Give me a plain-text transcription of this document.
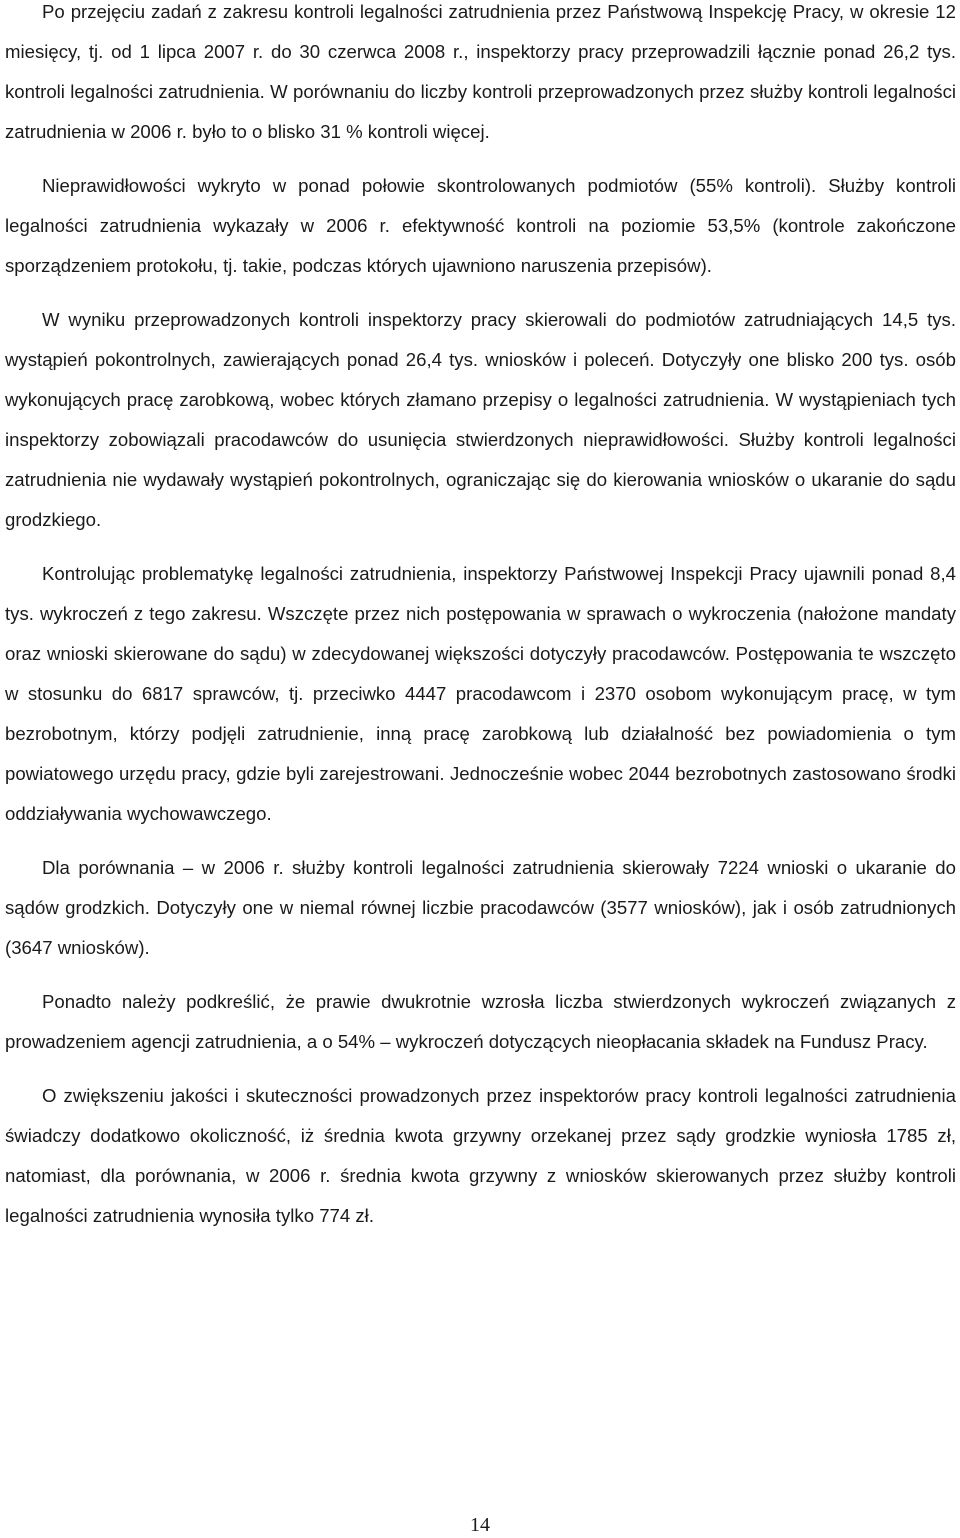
Po przejęciu zadań z zakresu kontroli legalności zatrudnienia przez Państwową Inspekcję Pracy, w okresie 12 miesięcy, tj. od 1 lipca 2007 r. do 30 czerwca 2008 r., inspektorzy pracy przeprowadzili łącznie ponad 26,2 tys. kontroli legalności zatrudnienia. W porównaniu do liczby kontroli przeprowadzonych przez służby kontroli legalności zatrudnienia w 2006 r. było to o blisko 31 % kontroli więcej.

Nieprawidłowości wykryto w ponad połowie skontrolowanych podmiotów (55% kontroli). Służby kontroli legalności zatrudnienia wykazały w 2006 r. efektywność kontroli na poziomie 53,5% (kontrole zakończone sporządzeniem protokołu, tj. takie, podczas których ujawniono naruszenia przepisów).

W wyniku przeprowadzonych kontroli inspektorzy pracy skierowali do podmiotów zatrudniających 14,5 tys. wystąpień pokontrolnych, zawierających ponad 26,4 tys. wniosków i poleceń. Dotyczyły one blisko 200 tys. osób wykonujących pracę zarobkową, wobec których złamano przepisy o legalności zatrudnienia. W wystąpieniach tych inspektorzy zobowiązali pracodawców do usunięcia stwierdzonych nieprawidłowości. Służby kontroli legalności zatrudnienia nie wydawały wystąpień pokontrolnych, ograniczając się do kierowania wniosków o ukaranie do sądu grodzkiego.

Kontrolując problematykę legalności zatrudnienia, inspektorzy Państwowej Inspekcji Pracy ujawnili ponad 8,4 tys. wykroczeń z tego zakresu. Wszczęte przez nich postępowania w sprawach o wykroczenia (nałożone mandaty oraz wnioski skierowane do sądu) w zdecydowanej większości dotyczyły pracodawców. Postępowania te wszczęto w stosunku do 6817 sprawców, tj. przeciwko 4447 pracodawcom i 2370 osobom wykonującym pracę, w tym bezrobotnym, którzy podjęli zatrudnienie, inną pracę zarobkową lub działalność bez powiadomienia o tym powiatowego urzędu pracy, gdzie byli zarejestrowani. Jednocześnie wobec 2044 bezrobotnych zastosowano środki oddziaływania wychowawczego.

Dla porównania – w 2006 r. służby kontroli legalności zatrudnienia skierowały 7224 wnioski o ukaranie do sądów grodzkich. Dotyczyły one w niemal równej liczbie pracodawców (3577 wniosków), jak i osób zatrudnionych (3647 wniosków).

Ponadto należy podkreślić, że prawie dwukrotnie wzrosła liczba stwierdzonych wykroczeń związanych z prowadzeniem agencji zatrudnienia, a o 54% – wykroczeń dotyczących nieopłacania składek na Fundusz Pracy.

O zwiększeniu jakości i skuteczności prowadzonych przez inspektorów pracy kontroli legalności zatrudnienia świadczy dodatkowo okoliczność, iż średnia kwota grzywny orzekanej przez sądy grodzkie wyniosła 1785 zł, natomiast, dla porównania, w 2006 r. średnia kwota grzywny z wniosków skierowanych przez służby kontroli legalności zatrudnienia wynosiła tylko 774 zł.

14
